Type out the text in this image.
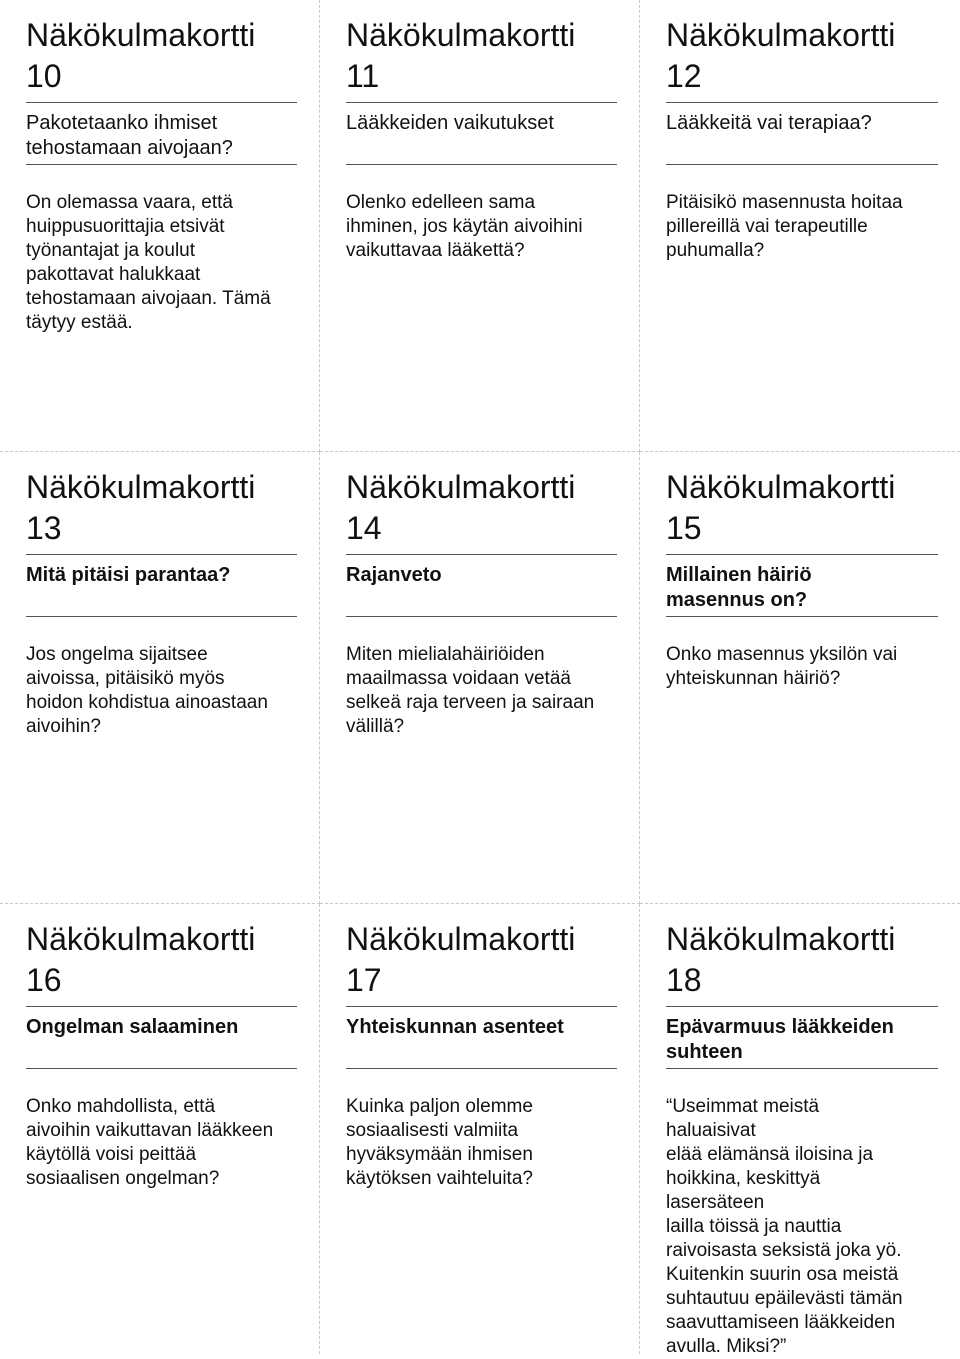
Näkökulmakortti
10
Pakotetaanko ihmiset
tehostamaan aivojaan?
On olemassa vaara, että
huippusuorittajia etsivät
työnantajat ja koulut
pakottavat halukkaat
tehostamaan aivojaan. Tämä
täytyy estää.
Näkökulmakortti
11
Lääkkeiden vaikutukset
Olenko edelleen sama
ihminen, jos käytän aivoihini
vaikuttavaa lääkettä?
Näkökulmakortti
12
Lääkkeitä vai terapiaa?
Pitäisikö masennusta hoitaa
pillereillä vai terapeutille
puhumalla?
Näkökulmakortti
13
Mitä pitäisi parantaa?
Jos ongelma sijaitsee
aivoissa, pitäisikö myös
hoidon kohdistua ainoastaan
aivoihin?
Näkökulmakortti
14
Rajanveto
Miten mielialahäiriöiden
maailmassa voidaan vetää
selkeä raja terveen ja sairaan
välillä?
Näkökulmakortti
15
Millainen häiriö
masennus on?
Onko masennus yksilön vai
yhteiskunnan häiriö?
Näkökulmakortti
16
Ongelman salaaminen
Onko mahdollista, että
aivoihin vaikuttavan lääkkeen
käytöllä voisi peittää
sosiaalisen ongelman?
Näkökulmakortti
17
Yhteiskunnan asenteet
Kuinka paljon olemme
sosiaalisesti valmiita
hyväksymään ihmisen
käytöksen vaihteluita?
Näkökulmakortti
18
Epävarmuus lääkkeiden
suhteen
“Useimmat meistä
haluaisivat
elää elämänsä iloisina ja
hoikkina, keskittyä
lasersäteen
lailla töissä ja nauttia
raivoisasta seksistä joka yö.
Kuitenkin suurin osa meistä
suhtautuu epäilevästi tämän
saavuttamiseen lääkkeiden
avulla. Miksi?”
